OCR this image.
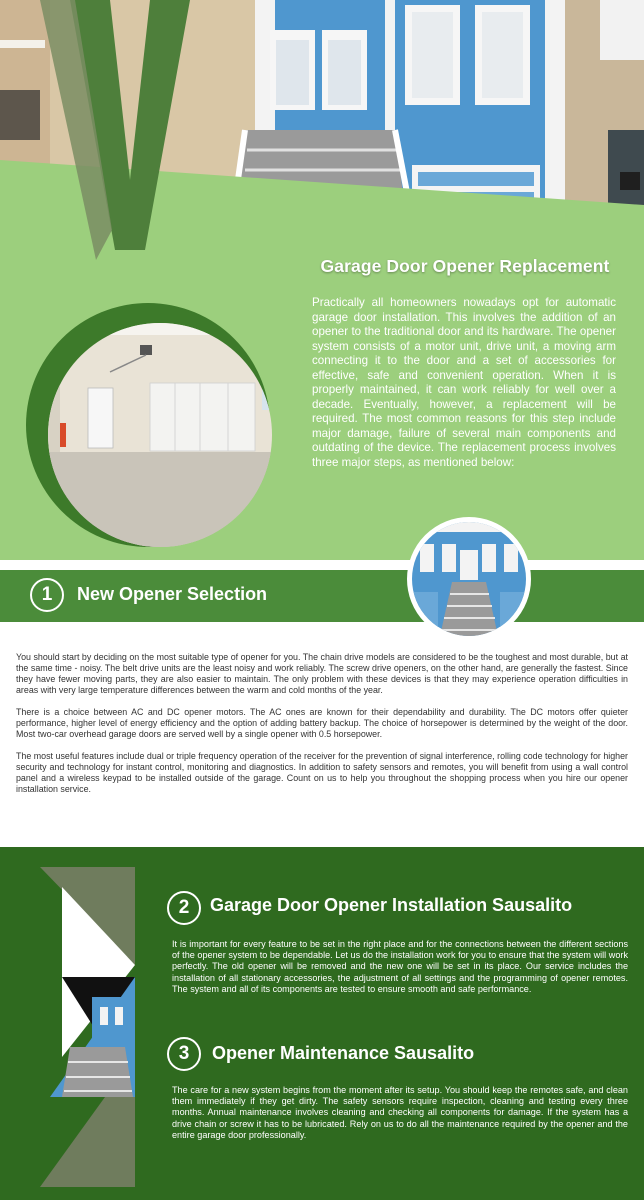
Garage Door Opener Replacement
Practically all homeowners nowadays opt for automatic garage door installation. This involves the addition of an opener to the traditional door and its hardware. The opener system consists of a motor unit, drive unit, a moving arm connecting it to the door and a set of accessories for effective, safe and convenient operation. When it is properly maintained, it can work reliably for well over a decade. Eventually, however, a replacement will be required. The most common reasons for this step include major damage, failure of several main components and outdating of the device. The replacement process involves three major steps, as mentioned below:
1	New Opener Selection

You should start by deciding on the most suitable type of opener for you. The chain drive models are considered to be the toughest and most durable, but at the same time - noisy. The belt drive units are the least noisy and work reliably. The screw drive openers, on the other hand, are generally the fastest. Since they have fewer moving parts, they are also easier to maintain. The only problem with these devices is that they may experience operation difficulties in areas with very large temperature differences between the warm and cold months of the year.

There is a choice between AC and DC opener motors. The AC ones are known for their dependability and durability. The DC motors offer quieter performance, higher level of energy efficiency and the option of adding battery backup. The choice of horsepower is determined by the weight of the door. Most two-car overhead garage doors are served well by a single opener with 0.5 horsepower.

The most useful features include dual or triple frequency operation of the receiver for the prevention of signal interference, rolling code technology for higher security and technology for instant control, monitoring and diagnostics. In addition to safety sensors and remotes, you will benefit from using a wall control panel and a wireless keypad to be installed outside of the garage. Count on us to help you throughout the shopping process when you hire our opener installation service.

2	Garage Door Opener Installation Sausalito
It is important for every feature to be set in the right place and for the connections between the different sections of the opener system to be dependable. Let us do the installation work for you to ensure that the system will work perfectly. The old opener will be removed and the new one will be set in its place. Our service includes the installation of all stationary accessories, the adjustment of all settings and the programming of opener remotes. The system and all of its components are tested to ensure smooth and safe performance.
3	Opener Maintenance Sausalito
The care for a new system begins from the moment after its setup. You should keep the remotes safe, and clean them immediately if they get dirty. The safety sensors require inspection, cleaning and testing every three months. Annual maintenance involves cleaning and checking all components for damage. If the system has a drive chain or screw it has to be lubricated. Rely on us to do all the maintenance required by the opener and the entire garage door professionally.
